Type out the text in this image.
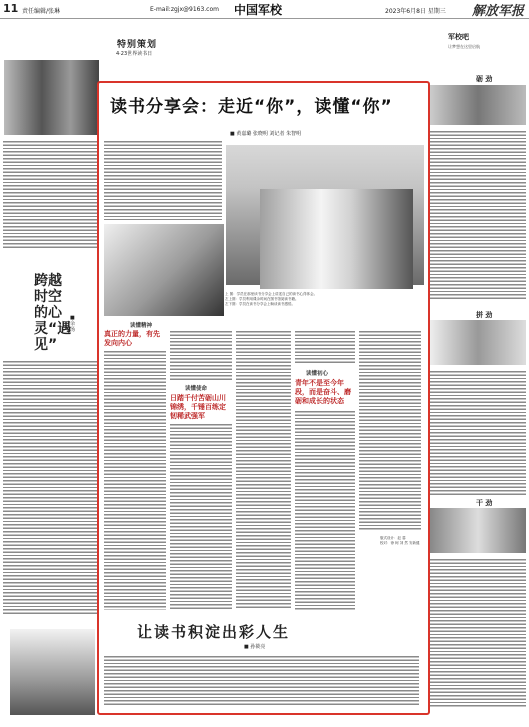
11 责任编辑/张琳	E-mail:zgjx@9163.com 中国军校	2023年6月8日 星期三 解放军报
特别策划
4·23世界读书日
跨越时空的心灵“遇见”
■ 余 汤
读书分享会：走近“你”，读懂“你”
■ 黄嘉璐 张晓明 刘记者 朱智明
上 图：学员在那里读书分享会上讲述自己的读书心得体会。
左上图：学员利用课余时间在图书馆阅读书籍。
左下图：学员在读书分享会上畅谈读书感悟。
读懂精神
真正的力量，有先发向内心
读懂使命
日踏千付苦砺山川锦绣，千锤百练定韧稀武强军
读懂初心
青年不是至今年段，而是奋斗、磨砺和成长的状态
版式设计：赵 慕
校对：徐 柯 刘 然 安新健
让读书积淀出彩人生
■ 孙筱亮
军校吧
让梦想在这里启航
砺 劲
拼 劲
干 劲
